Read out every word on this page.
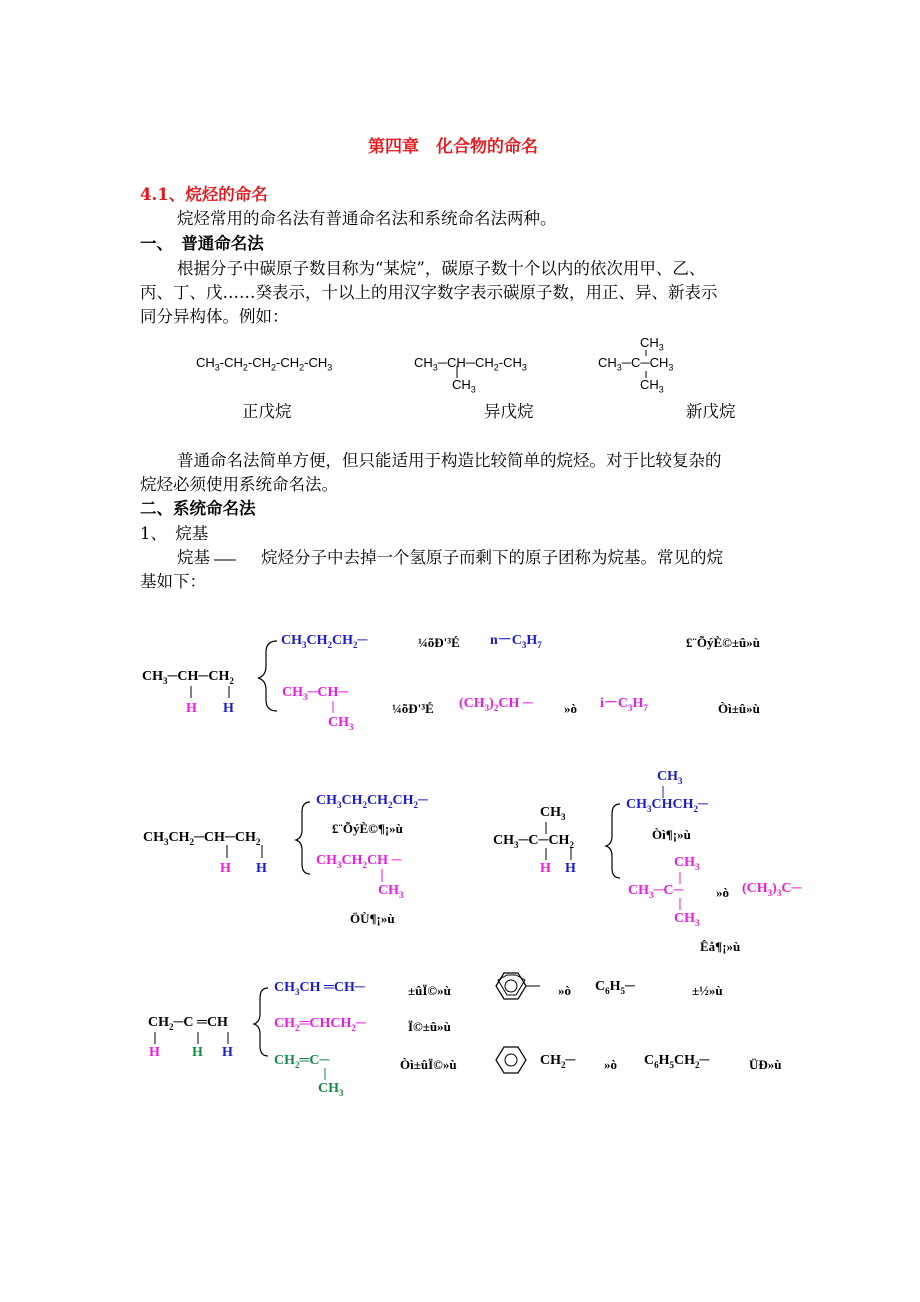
第四章　化合物的命名
4.1、烷烃的命名
烷烃常用的命名法有普通命名法和系统命名法两种。
一、　普通命名法
根据分子中碳原子数目称为“某烷”，碳原子数十个以内的依次用甲、乙、
丙、丁、戊……癸表示，十以上的用汉字数字表示碳原子数，用正、异、新表示
同分异构体。例如：
$CH_3-CH_2-CH_2-CH_2-CH_3$	$CH_3─CH─CH_2-CH_3$
$CH_3$
$CH_3$
$CH_3─C─CH_3$
$CH_3$
正戊烷	异戊烷	新戊烷
普通命名法简单方便，但只能适用于构造比较简单的烷烃。对于比较复杂的
烷烃必须使用系统命名法。
二、系统命名法
1、　烷基
烷基	烷烃分子中去掉一个氢原子而剩下的原子团称为烷基。常见的烷
基如下：
$CH_3─CH─CH_2$
H H
$CH_3CH_2CH_2─$	¼õÐ'³É $n-C_3H_7$	£¨ÕýÈ©±û»ù
$CH_3─CH─$
$CH_3$
¼õÐ'³É $(CH_3)_2CH$ ─ »ò $i-C_3H_7$	Òì±û»ù
$CH_3CH_2─CH─CH_2$
H H
$CH_3CH_2CH_2CH_2─$
£¨ÕýÈ©¶¡»ù
$CH_3CH_2CH$ ─
$CH_3$
ÖÙ¶¡»ù
$CH_3$
$CH_3─C─CH_2$
H H
$CH_3$
$CH_3CHCH_2─$
Òì¶¡»ù
$CH_3$
$CH_3─C─$
$CH_3$
»ò $(CH_3)_3C─$
Êå¶¡»ù
$CH_2─C$ ═CH
H H H
$CH_3CH$ ═CH─	±ûÏ©»ù
$CH_2═CHCH_2─$	Ï©±û»ù
$CH_2═C─$
$CH_3$
Òì±ûÏ©»ù
»ò $C_6H_5─$	±½»ù
$CH_2─$ »ò $C_6H_5CH_2─$	ÜÐ»ù
